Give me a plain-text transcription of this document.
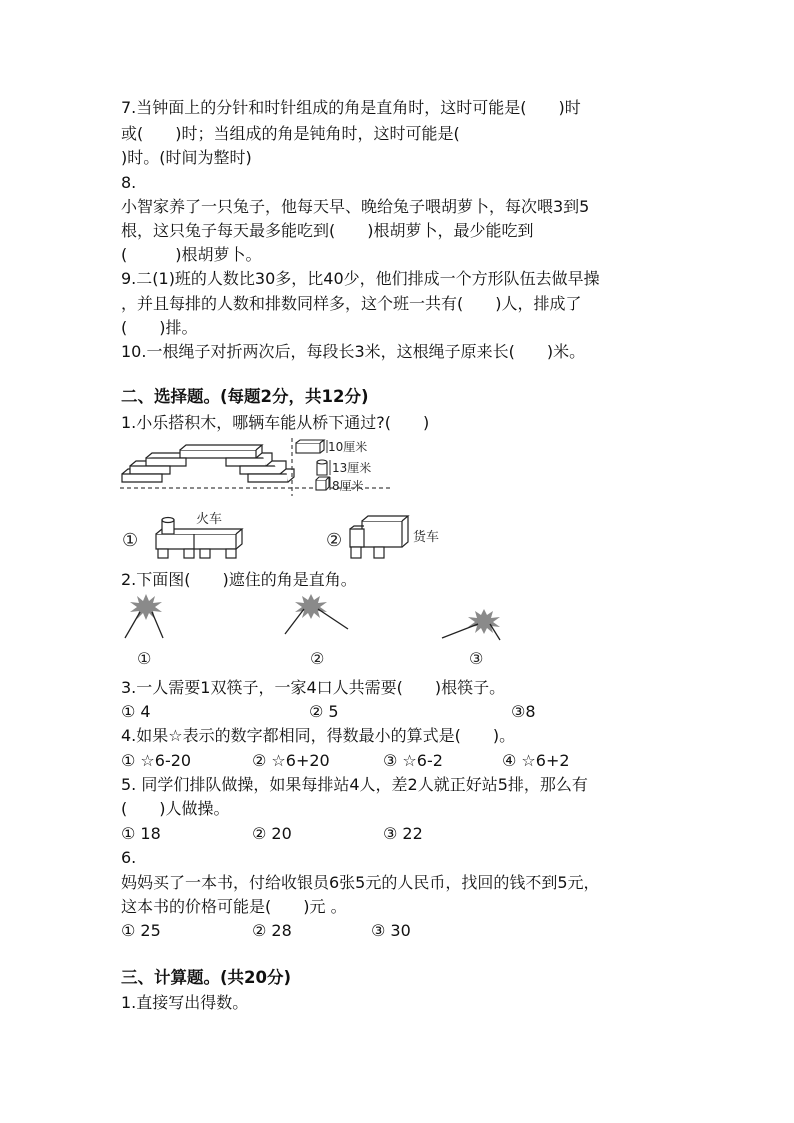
7.当钟面上的分针和时针组成的角是直角时，这时可能是(　　)时
或(　　)时；当组成的角是钝角时，这时可能是(
)时。(时间为整时)
8.
小智家养了一只兔子，他每天早、晚给兔子喂胡萝卜，每次喂3到5
根，这只兔子每天最多能吃到(　　)根胡萝卜，最少能吃到
(　　　)根胡萝卜。
9.二(1)班的人数比30多，比40少，他们排成一个方形队伍去做早操
，并且每排的人数和排数同样多，这个班一共有(　　)人，排成了
(　　)排。
10.一根绳子对折两次后，每段长3米，这根绳子原来长(　　)米。
二、选择题。(每题2分，共12分)
1.小乐搭积木，哪辆车能从桥下通过?(　　)
10厘米
13厘米
8厘米
①
火车
②	货车
2.下面图(　　)遮住的角是直角。
①	②	③
3.一人需要1双筷子，一家4口人共需要(　　)根筷子。
① 4	② 5	③8
4.如果☆表示的数字都相同，得数最小的算式是(　　)。
① ☆6-20	② ☆6+20	③ ☆6-2	④ ☆6+2
5. 同学们排队做操，如果每排站4人，差2人就正好站5排，那么有
(　　)人做操。
① 18	② 20	③ 22
6.
妈妈买了一本书，付给收银员6张5元的人民币，找回的钱不到5元，
这本书的价格可能是(　　)元 。
① 25	② 28	③ 30
三、计算题。(共20分)
1.直接写出得数。
